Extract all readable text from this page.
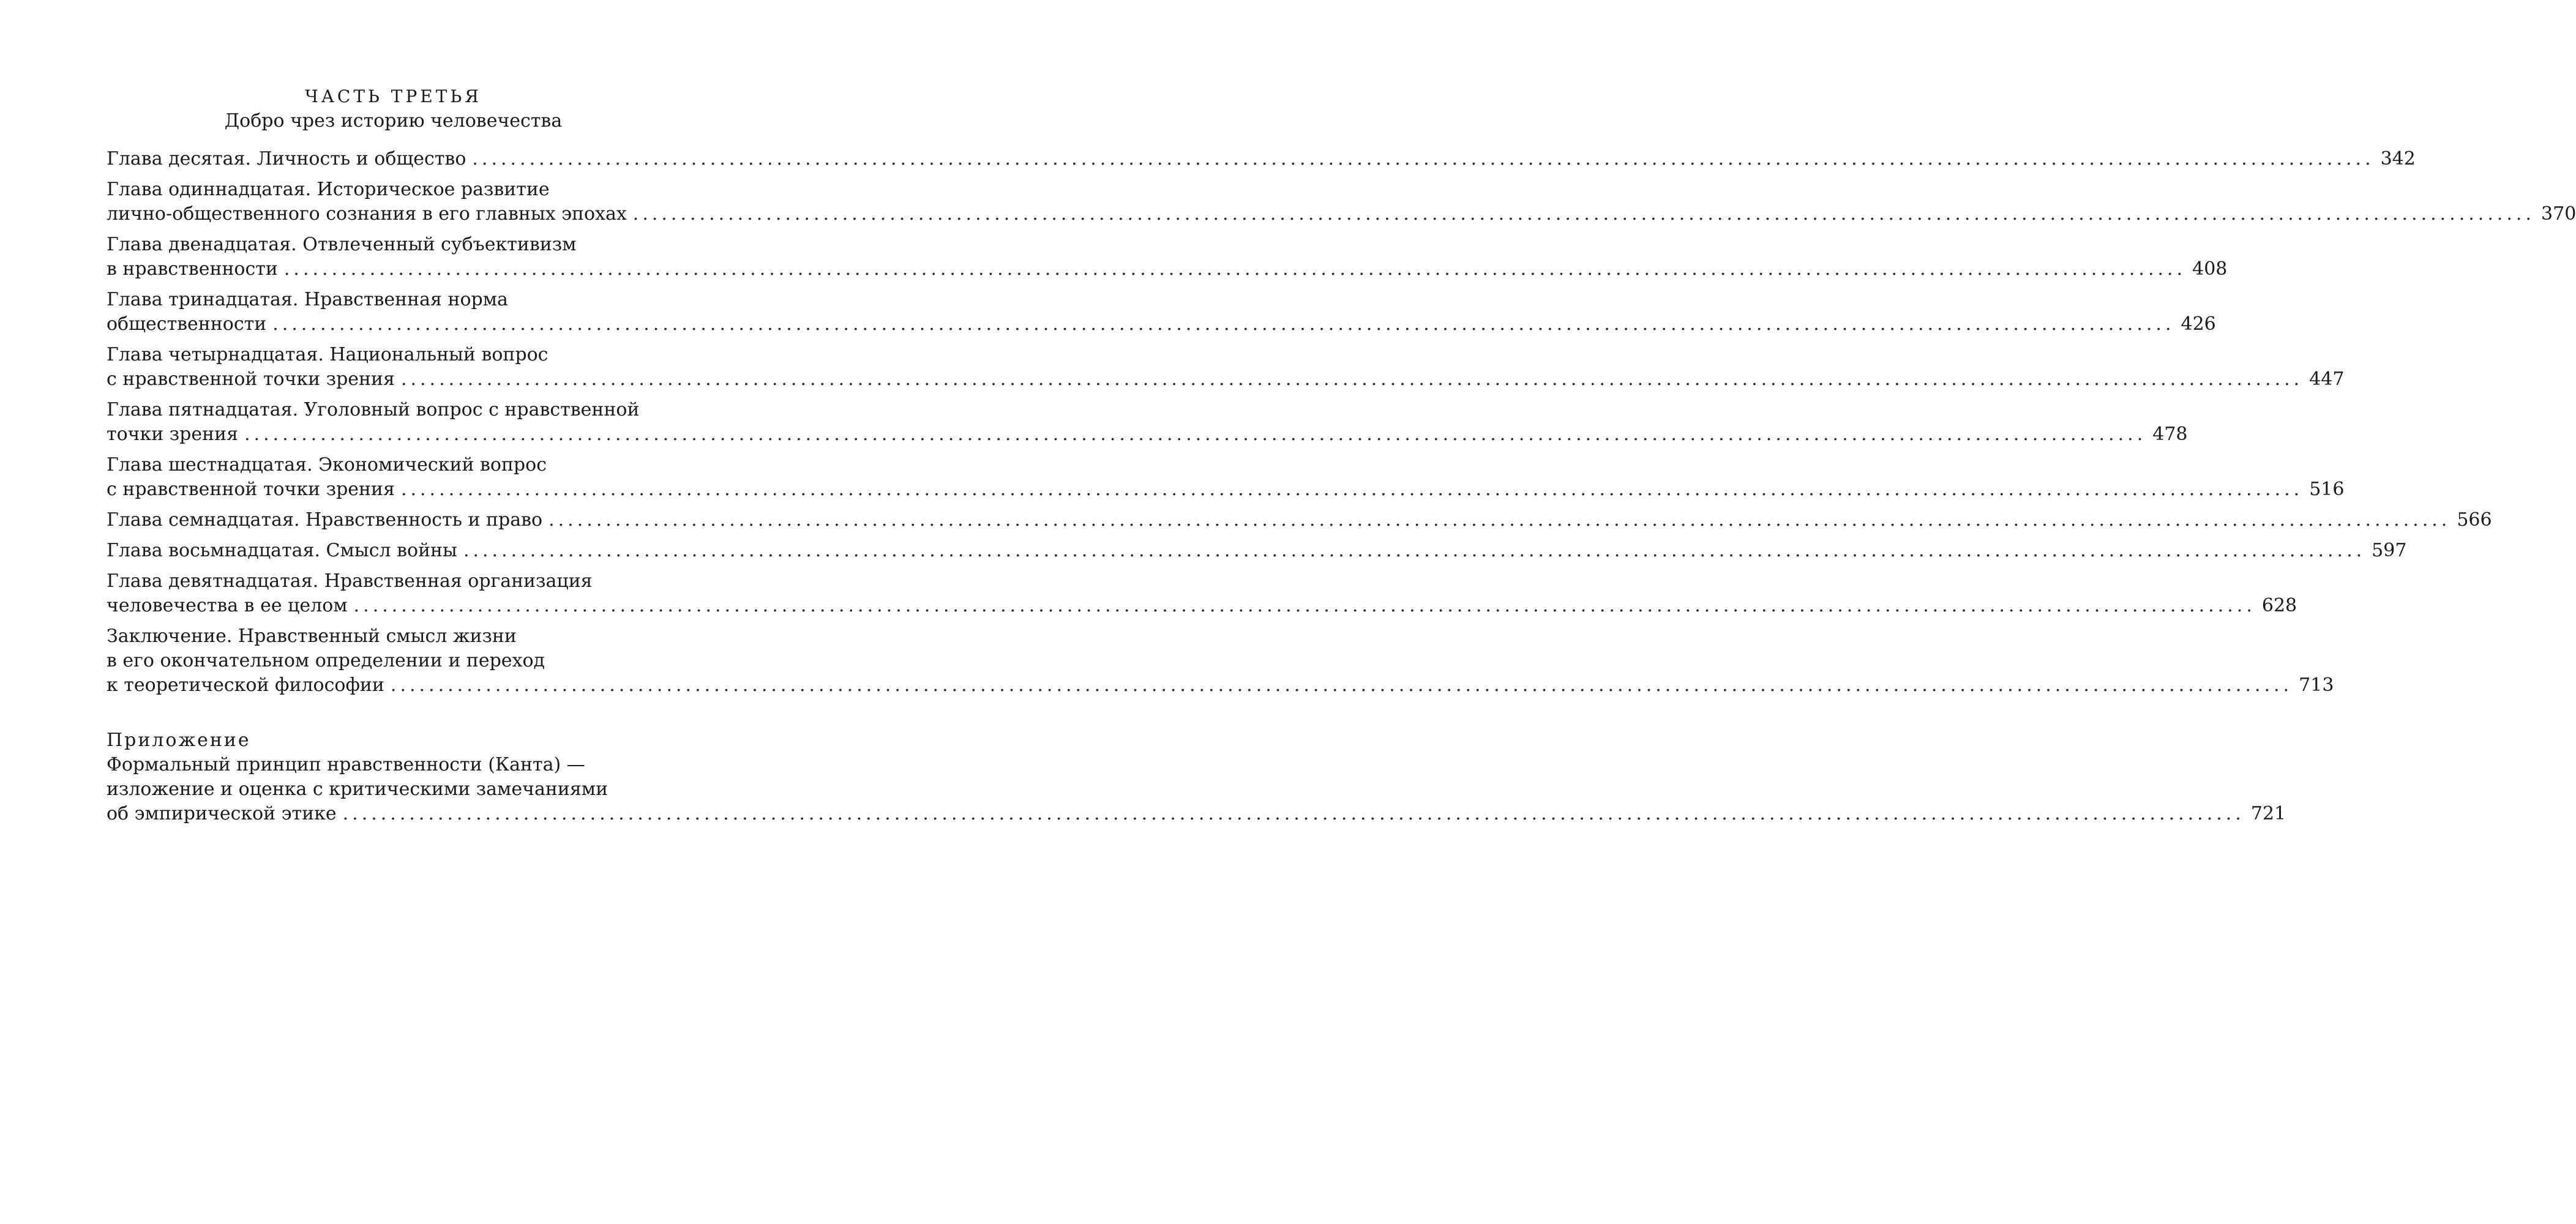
ЧАСТЬ ТРЕТЬЯ
Добро чрез историю человечества
Глава десятая. Личность и общество ........................................................................................................................................................................................................ 342
Глава одиннадцатая. Историческое развитие
лично-общественного сознания в его главных эпохах ........................................................................................................................................................................................................ 370
Глава двенадцатая. Отвлеченный субъективизм
в нравственности ........................................................................................................................................................................................................ 408
Глава тринадцатая. Нравственная норма
общественности ........................................................................................................................................................................................................ 426
Глава четырнадцатая. Национальный вопрос
с нравственной точки зрения ........................................................................................................................................................................................................ 447
Глава пятнадцатая. Уголовный вопрос с нравственной
точки зрения ........................................................................................................................................................................................................ 478
Глава шестнадцатая. Экономический вопрос
с нравственной точки зрения ........................................................................................................................................................................................................ 516
Глава семнадцатая. Нравственность и право ........................................................................................................................................................................................................ 566
Глава восьмнадцатая. Смысл войны ........................................................................................................................................................................................................ 597
Глава девятнадцатая. Нравственная организация
человечества в ее целом ........................................................................................................................................................................................................ 628
Заключение. Нравственный смысл жизни
в его окончательном определении и переход
к теоретической философии ........................................................................................................................................................................................................ 713
Приложение
Формальный принцип нравственности (Канта) —
изложение и оценка с критическими замечаниями
об эмпирической этике ........................................................................................................................................................................................................ 721
